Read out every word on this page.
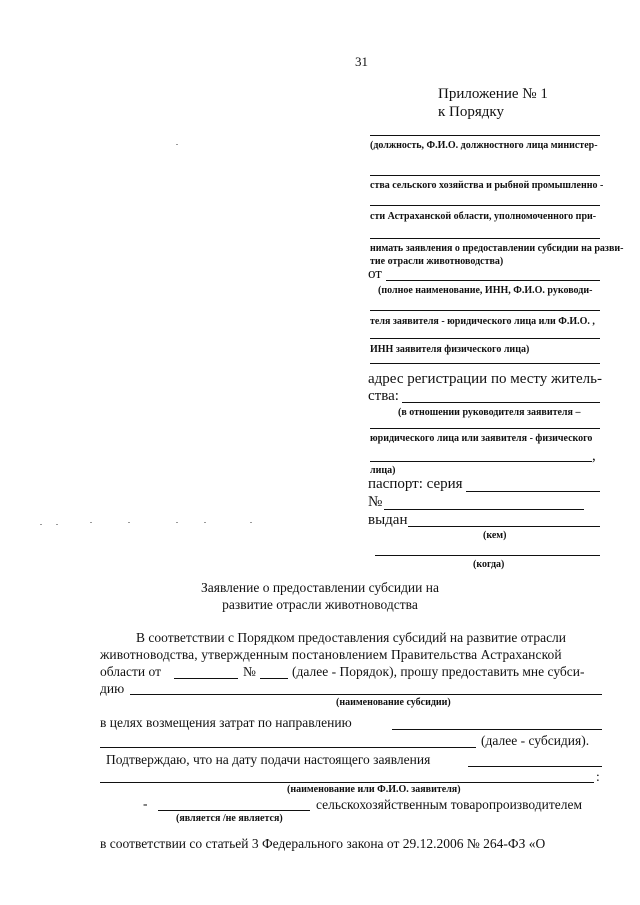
31
Приложение № 1
к Порядку
(должность, Ф.И.О. должностного лица министер-
ства сельского хозяйства и рыбной промышленно -
сти Астраханской области, уполномоченного при-
нимать заявления о предоставлении субсидии на разви-
тие отрасли животноводства)
от
(полное наименование, ИНН, Ф.И.О. руководи-
теля заявителя - юридического лица или Ф.И.О. ,
ИНН заявителя физического лица)
адрес регистрации по месту житель-
ства:
(в отношении руководителя заявителя –
юридического лица или заявителя - физического
,
лица)
паспорт: серия
№
выдан
(кем)
(когда)
Заявление о предоставлении субсидии на
развитие отрасли животноводства
В соответствии с Порядком предоставления субсидий на развитие отрасли
животноводства, утвержденным постановлением Правительства Астраханской
области от	№	(далее - Порядок), прошу предоставить мне субси-
дию
(наименование субсидии)
в целях возмещения затрат по направлению
(далее - субсидия).
Подтверждаю, что на дату подачи настоящего заявления
:
(наименование или Ф.И.О. заявителя)
-	сельскохозяйственным товаропроизводителем
(является /не является)
в соответствии со статьей 3 Федерального закона от 29.12.2006 № 264-ФЗ «О
